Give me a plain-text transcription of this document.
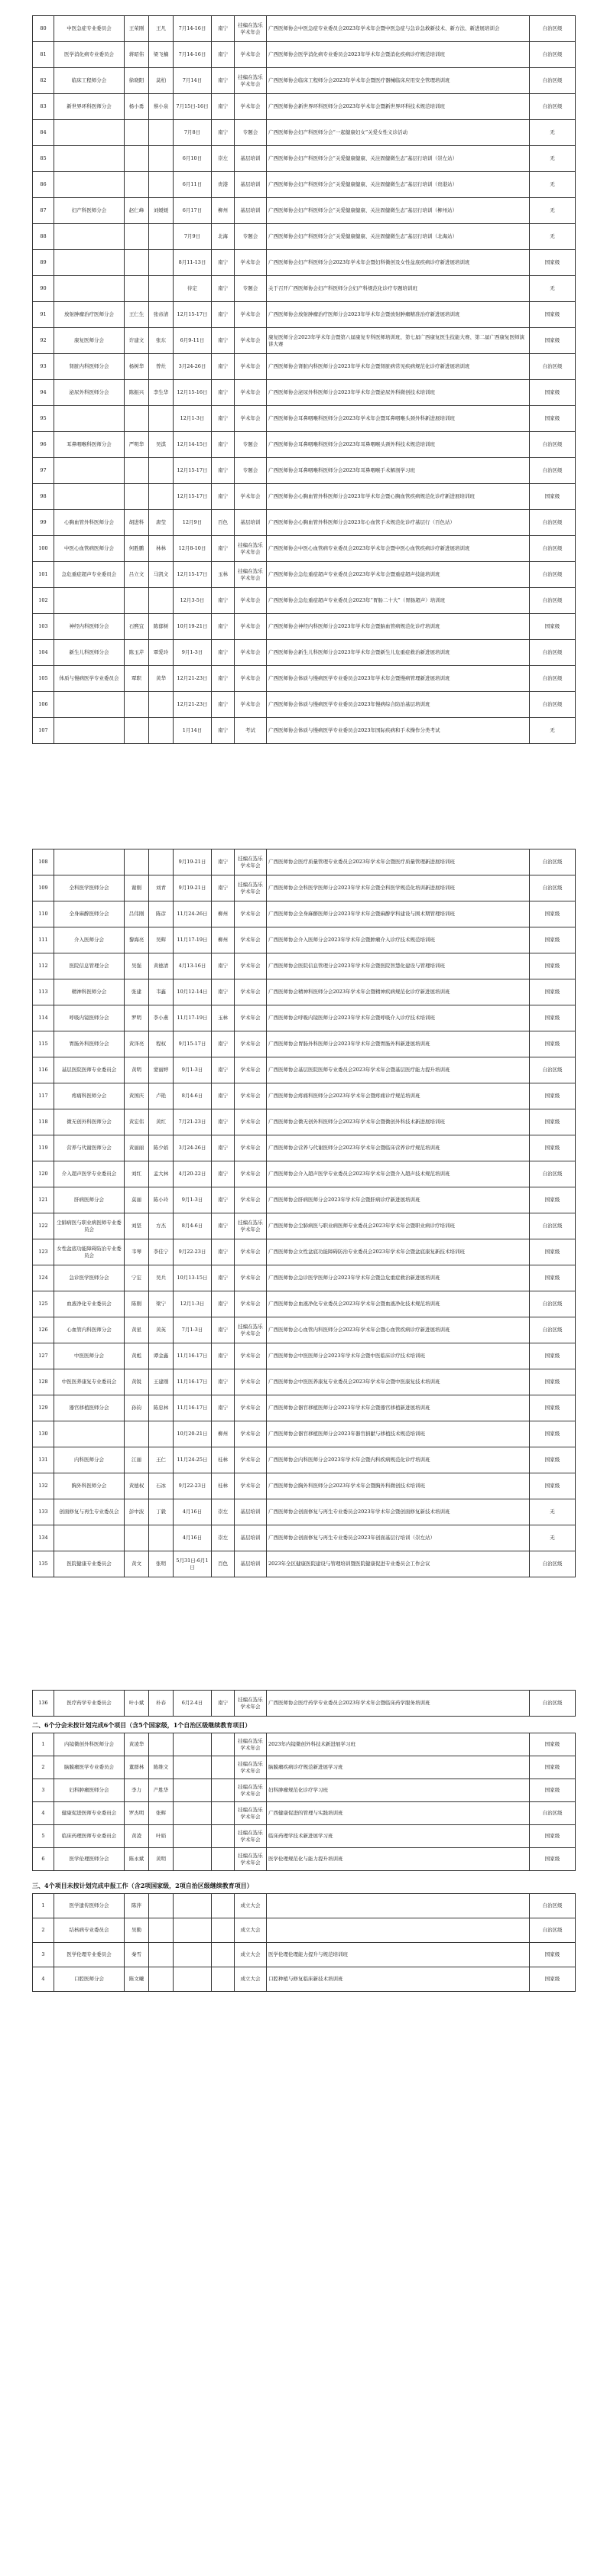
80	中医急症专业委员会	王荣刚	王凡	7月14-16日	南宁	挂编在选乐学术年会	广西医师协会中医急症专业委员会2023年学术年会暨中医急症与急诊急救新技术、新方法、新进展培训会	自治区级
81	医学消化病专业委员会	蒋昭伟	梁飞楠	7月14-16日	南宁	学术年会	广西医师协会医学消化病专业委员会2023年学术年会暨消化疾病诊疗规范培训班	自治区级
82	临床工程师分会	徐晓阳	莫柏	7月14日	南宁	挂编在选乐学术年会	广西医师协会临床工程师分会2023年学术年会暨医疗器械临床应用安全管理培训班	自治区级
83	新世界环科医师分会	杨小勇	蔡小泉	7月15日-16日	南宁	学术年会	广西医师协会新世界环科医师分会2023年学术年会暨新世界环科技术规范培训班	自治区级
84				7月8日	南宁	专题会	广西医师协会妇产科医师分会“一起健康妇女”关爱女性义诊活动	无
85				6月10日	崇左	基层培训	广西医师协会妇产科医师分会“关爱健康健康、关注固健微生态”基层行培训（崇左站）	无
86				6月11日	贵港	基层培训	广西医师协会妇产科医师分会“关爱健康健康、关注固健微生态”基层行培训（贵港站）	无
87	妇产科医师分会	赵仁峰	刘媛媛	6月17日	柳州	基层培训	广西医师协会妇产科医师分会“关爱健康健康、关注固健微生态”基层行培训（柳州站）	无
88				7月9日	北海	专题会	广西医师协会妇产科医师分会“关爱健康健康、关注固健微生态”基层行培训（北海站）	无
89				8月11-13日	南宁	学术年会	广西医师协会妇产科医师分会2023年学术年会暨妇科微创及女性盆底疾病诊疗新进展培训班	国家级
90				待定	南宁	专题会	关于召开广西医师协会妇产科医师分会妇产科规范化诊疗专题培训班	无
91	放射肿瘤治疗医师分会	王仁生	张帝清	12月15-17日	南宁	学术年会	广西医师协会放射肿瘤治疗医师分会2023年学术年会暨放射肿瘤精准治疗新进展培训班	国家级
92	康复医师分会	许建文	张东	6月9-11日	南宁	学术年会	康复医师分会2023年学术年会暨第八届康复专科医师培训班、第七届广西康复医生技能大赛、第二届广西康复医师演讲大赛	国家级
93	肾脏内科医师分会	杨树华	曾灶	3月24-26日	南宁	学术年会	广西医师协会肾脏内科医师分会2023年学术年会暨肾脏病常见疾病规范化诊疗新进展培训班	自治区级
94	泌尿外科医师分会	陈振兴	李生华	12月15-16日	南宁	学术年会	广西医师协会泌尿外科医师分会2023年学术年会暨泌尿外科微创技术培训班	国家级
95				12月1-3日	南宁	学术年会	广西医师协会耳鼻咽喉科医师分会2023年学术年会暨耳鼻咽喉头颈外科新进展培训班	国家级
96	耳鼻咽喉科医师分会	严明华	吴淇	12月14-15日	南宁	专题会	广西医师协会耳鼻咽喉科医师分会2023年耳鼻咽喉头颈外科技术规范培训班	自治区级
97				12月15-17日	南宁	专题会	广西医师协会耳鼻咽喉科医师分会2023年耳鼻咽喉手术解剖学习班	自治区级
98				12月15-17日	南宁	学术年会	广西医师协会心胸血管外科医师分会2023年学术年会暨心胸血管疾病规范化诊疗新进展培训班	国家级
99	心胸血管外科医师分会	胡进科	唐莹	12月9日	百色	基层培训	广西医师协会心胸血管外科医师分会2023年心血管手术规范化诊疗基层行（百色站）	自治区级
100	中医心血管病医师分会	何胜鹏	林林	12月8-10日	南宁	挂编在选乐学术年会	广西医师协会中医心血管病专业委员会2023年学术年会暨中医心血管疾病诊疗新进展培训班	自治区级
101	急危重症超声专业委员会	吕立文	马凯文	12月15-17日	玉林	挂编在选乐学术年会	广西医师协会急危重症超声专业委员会2023年学术年会暨重症超声技能培训班	自治区级
102				12月3-5日	南宁	学术年会	广西医师协会急危重症超声专业委员会2023年“胃肠二十大”（胃肠超声）培训班	自治区级
103	神经内科医师分会	石熙宜	陈郁树	10月19-21日	南宁	学术年会	广西医师协会神经内科医师分会2023年学术年会暨脑血管病规范化诊疗培训班	国家级
104	新生儿科医师分会	陈玉芹	覃爱玲	9月1-3日	南宁	学术年会	广西医师协会新生儿科医师分会2023年学术年会暨新生儿危重症救治新进展培训班	自治区级
105	体质与慢病医学专业委员会	覃职	黄华	12月21-23日	南宁	学术年会	广西医师协会体质与慢病医学专业委员会2023年学术年会暨慢病管理新进展培训班	自治区级
106				12月21-23日	南宁	学术年会	广西医师协会体质与慢病医学专业委员会2023年慢病综合防治基层培训班	自治区级
107				1月14日	南宁	考试	广西医师协会体质与慢病医学专业委员会2023年国际疾病和手术操作分类考试	无
108				9月19-21日	南宁	挂编在选乐学术年会	广西医师协会医疗质量管理专业委员会2023年学术年会暨医疗质量管理新进展培训班	自治区级
109	全科医学医师分会	谢刚	刘青	9月19-21日	南宁	挂编在选乐学术年会	广西医师协会全科医学医师分会2023年学术年会暨全科医学规范化培训新进展培训班	自治区级
110	全身麻醉医师分会	吕伟刚	陈彦	11月24-26日	柳州	学术年会	广西医师协会全身麻醉医师分会2023年学术年会暨麻醉学科建设与围术期管理培训班	国家级
111	介入医师分会	黎海亮	吴辉	11月17-19日	柳州	学术年会	广西医师协会介入医师分会2023年学术年会暨肿瘤介入诊疗技术规范培训班	国家级
112	医院信息管理分会	吴强	黄德清	4月13-16日	南宁	学术年会	广西医师协会医院信息管理分会2023年学术年会暨医院智慧化建设与管理培训班	国家级
113	精神科医师分会	张建	韦鑫	10月12-14日	南宁	学术年会	广西医师协会精神科医师分会2023年学术年会暨精神疾病规范化诊疗新进展培训班	国家级
114	呼吸内镜医师分会	罗明	李小燕	11月17-19日	玉林	学术年会	广西医师协会呼吸内镜医师分会2023年学术年会暨呼吸介入诊疗技术培训班	国家级
115	胃肠外科医师分会	黄泽亮	程权	9月15-17日	南宁	学术年会	广西医师协会胃肠外科医师分会2023年学术年会暨胃肠外科新进展培训班	国家级
116	基层医院医师专业委员会	黄明	蒙丽婷	9月1-3日	南宁	学术年会	广西医师协会基层医院医师专业委员会2023年学术年会暨基层医疗能力提升培训班	自治区级
117	疼痛科医师分会	黄国庆	卢艳	8月4-6日	南宁	学术年会	广西医师协会疼痛科医师分会2023年学术年会暨疼痛诊疗规范培训班	国家级
118	微无创外科医师分会	黄宏伟	黄红	7月21-23日	南宁	学术年会	广西医师协会微无创外科医师分会2023年学术年会暨微创外科技术新进展培训班	国家级
119	营养与代谢医师分会	黄丽丽	陈少娟	3月24-26日	南宁	学术年会	广西医师协会营养与代谢医师分会2023年学术年会暨临床营养诊疗规范培训班	国家级
120	介入超声医学专业委员会	刘红	孟大林	4月20-22日	南宁	学术年会	广西医师协会介入超声医学专业委员会2023年学术年会暨介入超声技术规范培训班	自治区级
121	肝病医师分会	莫丽	陈小玲	9月1-3日	南宁	学术年会	广西医师协会肝病医师分会2023年学术年会暨肝病诊疗新进展培训班	国家级
122	尘肺病医与职业病医师专业委员会	刘坚	方杰	8月4-6日	南宁	挂编在选乐学术年会	广西医师协会尘肺病医与职业病医师专业委员会2023年学术年会暨职业病诊疗培训班	自治区级
123	女性盆底功能障碍防治专业委员会	韦琴	李佳宁	9月22-23日	南宁	学术年会	广西医师协会女性盆底功能障碍防治专业委员会2023年学术年会暨盆底康复新技术培训班	国家级
124	急诊医学医师分会	宁宏	吴兵	10月13-15日	南宁	学术年会	广西医师协会急诊医学医师分会2023年学术年会暨急危重症救治新进展培训班	国家级
125	血液净化专业委员会	陈刚	梁宁	12月1-3日	南宁	学术年会	广西医师协会血液净化专业委员会2023年学术年会暨血液净化技术规范培训班	自治区级
126	心血管内科医师分会	黄星	黄英	7月1-3日	南宁	挂编在选乐学术年会	广西医师协会心血管内科医师分会2023年学术年会暨心血管疾病诊疗新进展培训班	自治区级
127	中医医师分会	黄彪	谭金鑫	11月16-17日	南宁	学术年会	广西医师协会中医医师分会2023年学术年会暨中医临床诊疗技术培训班	国家级
128	中医医养康复专业委员会	黄锐	王建刚	11月16-17日	南宁	学术年会	广西医师协会中医医养康复专业委员会2023年学术年会暨中医康复技术培训班	国家级
129	器官移植医师分会	孙钧	陈忠林	11月16-17日	南宁	学术年会	广西医师协会器官移植医师分会2023年学术年会暨器官移植新进展培训班	国家级
130				10月20-21日	柳州	学术年会	广西医师协会器官移植医师分会2023年器官捐献与移植技术规范培训班	国家级
131	内科医师分会	江丽	王仁	11月24-25日	桂林	学术年会	广西医师协会内科医师分会2023年学术年会暨内科疾病规范化诊疗培训班	国家级
132	胸外科医师分会	黄德权	石冰	9月22-23日	桂林	学术年会	广西医师协会胸外科医师分会2023年学术年会暨胸外科微创技术培训班	国家级
133	创面修复与再生专业委员会	彭中波	丁毅	4月16日	崇左	基层培训	广西医师协会创面修复与再生专业委员会2023年学术年会暨创面修复新技术培训班	无
134				4月16日	崇左	基层培训	广西医师协会创面修复与再生专业委员会2023年创面基层行培训（崇左站）	无
135	医院健康专业委员会	黄文	张明	5月31日-6月1日	百色	基层培训	2023年全区健康医院建设与管理培训暨医院健康促进专业委员会工作会议	自治区级
136	医疗药学专业委员会	叶小斌	朴春	6月2-4日	南宁	挂编在选乐学术年会	广西医师协会医疗药学专业委员会2023年学术年会暨临床药学服务培训班	自治区级
二、6个分会未按计划完成6个项目（含5个国家级，1个自治区级继续教育项目）
1	内镜微创外科医师分会	黄凌华				挂编在选乐学术年会	2023年内镜微创外科技术新进展学习班	国家级
2	脑膜瘤医学专业委员会	董群林	陈维文			挂编在选乐学术年会	脑膜瘤疾病诊疗规范新进展学习班	国家级
3	妇科肿瘤医师分会	李力	产胜华			挂编在选乐学术年会	妇科肿瘤规范化诊疗学习班	国家级
4	健康促进医师专业委员会	罗杰明	张辉			挂编在选乐学术年会	广西健康促进的管理与实践培训班	自治区级
5	临床药理医师专业委员会	黄凌	叶娟			挂编在选乐学术年会	临床药理学技术新进展学习班	国家级
6	医学伦理医师分会	陈永斌	黄明			挂编在选乐学术年会	医学伦理规范化与能力提升培训班	国家级
三、4个项目未按计划完成申报工作（含2项国家级，2项自治区级继续教育项目）
1	医学遗传医师分会	陈萍				成立大会		自治区级
2	结核病专业委员会	吴勤				成立大会		自治区级
3	医学伦理专业委员会	秦雪				成立大会	医学伦理伦理能力提升与规范培训班	国家级
4	口腔医师分会	陈文曦				成立大会	口腔种植与修复临床新技术培训班	国家级
